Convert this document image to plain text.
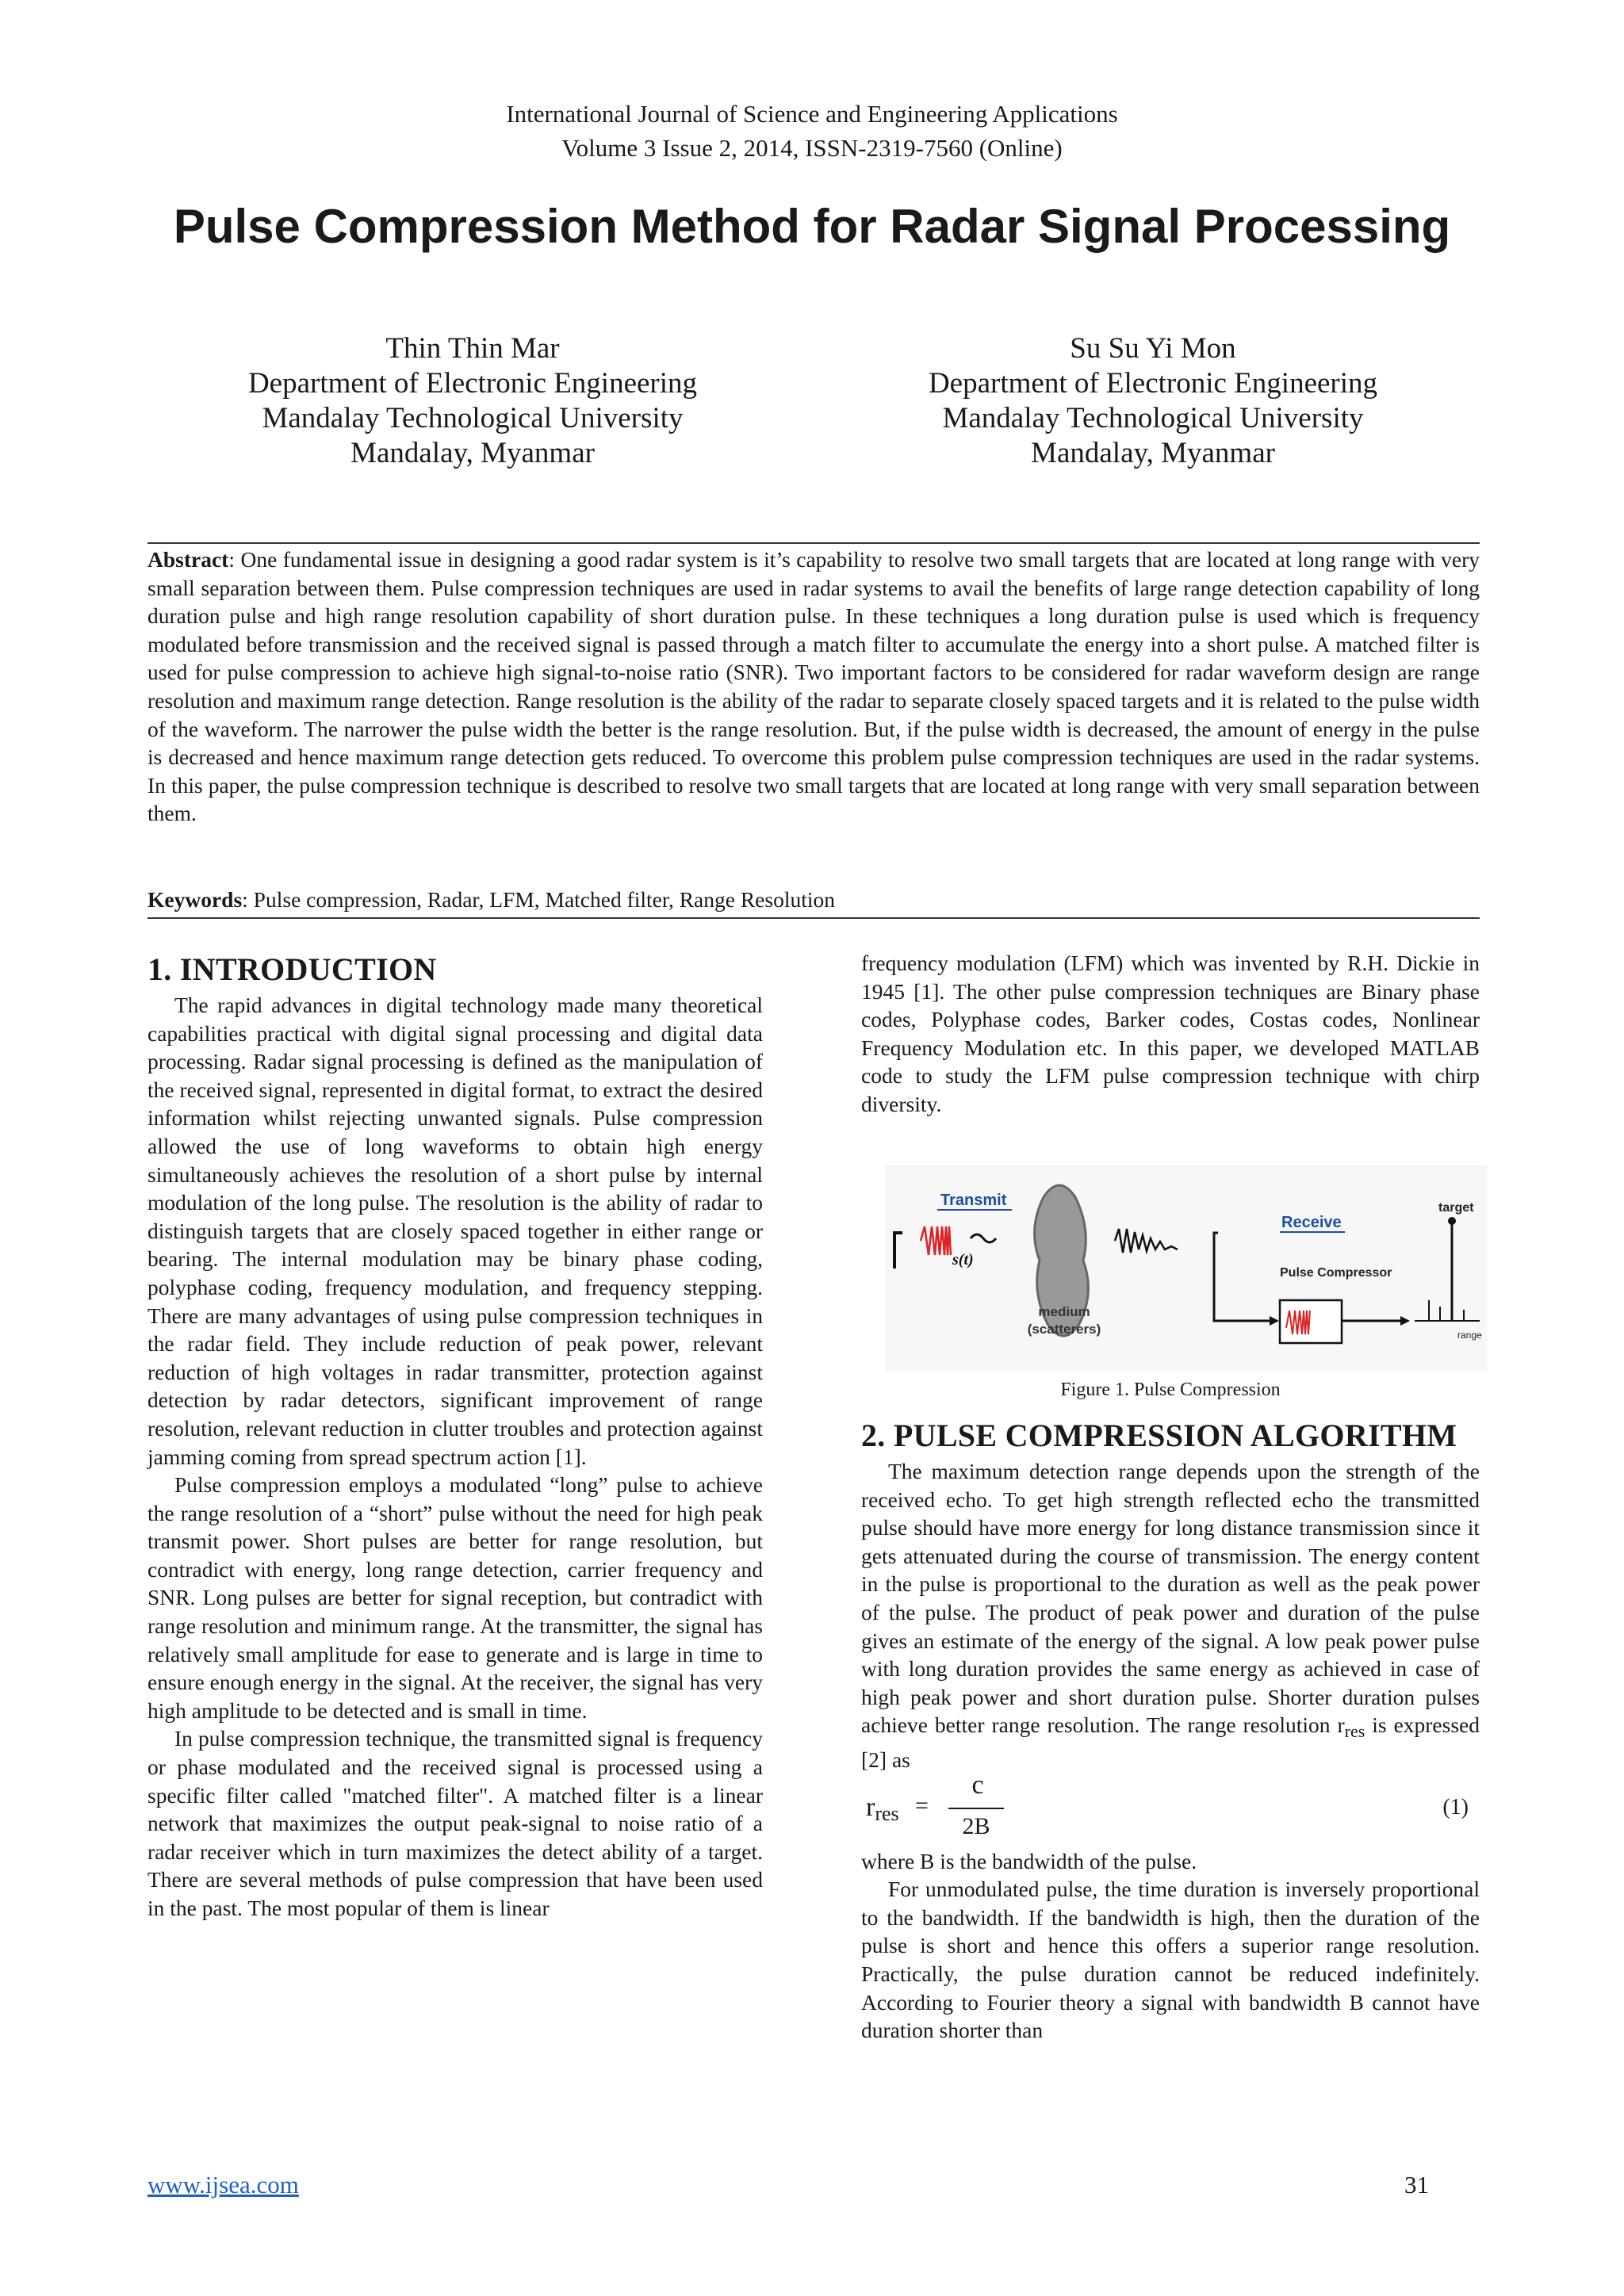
International Journal of Science and Engineering Applications
Volume 3 Issue 2, 2014, ISSN-2319-7560 (Online)
Pulse Compression Method for Radar Signal Processing
Thin Thin Mar
Department of Electronic Engineering
Mandalay Technological University
Mandalay, Myanmar
Su Su Yi Mon
Department of Electronic Engineering
Mandalay Technological University
Mandalay, Myanmar
Abstract: One fundamental issue in designing a good radar system is it’s capability to resolve two small targets that are located at long range with very small separation between them. Pulse compression techniques are used in radar systems to avail the benefits of large range detection capability of long duration pulse and high range resolution capability of short duration pulse. In these techniques a long duration pulse is used which is frequency modulated before transmission and the received signal is passed through a match filter to accumulate the energy into a short pulse. A matched filter is used for pulse compression to achieve high signal-to-noise ratio (SNR). Two important factors to be considered for radar waveform design are range resolution and maximum range detection. Range resolution is the ability of the radar to separate closely spaced targets and it is related to the pulse width of the waveform. The narrower the pulse width the better is the range resolution. But, if the pulse width is decreased, the amount of energy in the pulse is decreased and hence maximum range detection gets reduced. To overcome this problem pulse compression techniques are used in the radar systems. In this paper, the pulse compression technique is described to resolve two small targets that are located at long range with very small separation between them.
Keywords: Pulse compression, Radar, LFM, Matched filter, Range Resolution
1. INTRODUCTION

The rapid advances in digital technology made many theoretical capabilities practical with digital signal processing and digital data processing. Radar signal processing is defined as the manipulation of the received signal, represented in digital format, to extract the desired information whilst rejecting unwanted signals. Pulse compression allowed the use of long waveforms to obtain high energy simultaneously achieves the resolution of a short pulse by internal modulation of the long pulse. The resolution is the ability of radar to distinguish targets that are closely spaced together in either range or bearing. The internal modulation may be binary phase coding, polyphase coding, frequency modulation, and frequency stepping. There are many advantages of using pulse compression techniques in the radar field. They include reduction of peak power, relevant reduction of high voltages in radar transmitter, protection against detection by radar detectors, significant improvement of range resolution, relevant reduction in clutter troubles and protection against jamming coming from spread spectrum action [1].

Pulse compression employs a modulated “long” pulse to achieve the range resolution of a “short” pulse without the need for high peak transmit power. Short pulses are better for range resolution, but contradict with energy, long range detection, carrier frequency and SNR. Long pulses are better for signal reception, but contradict with range resolution and minimum range. At the transmitter, the signal has relatively small amplitude for ease to generate and is large in time to ensure enough energy in the signal. At the receiver, the signal has very high amplitude to be detected and is small in time.

In pulse compression technique, the transmitted signal is frequency or phase modulated and the received signal is processed using a specific filter called "matched filter". A matched filter is a linear network that maximizes the output peak-signal to noise ratio of a radar receiver which in turn maximizes the detect ability of a target. There are several methods of pulse compression that have been used in the past. The most popular of them is linear

frequency modulation (LFM) which was invented by R.H. Dickie in 1945 [1]. The other pulse compression techniques are Binary phase codes, Polyphase codes, Barker codes, Costas codes, Nonlinear Frequency Modulation etc. In this paper, we developed MATLAB code to study the LFM pulse compression technique with chirp diversity.

Transmit
s(t)
medium
(scatterers)
Receive
Pulse Compressor
target
range
Figure 1. Pulse Compression
2. PULSE COMPRESSION ALGORITHM

The maximum detection range depends upon the strength of the received echo. To get high strength reflected echo the transmitted pulse should have more energy for long distance transmission since it gets attenuated during the course of transmission. The energy content in the pulse is proportional to the duration as well as the peak power of the pulse. The product of peak power and duration of the pulse gives an estimate of the energy of the signal. A low peak power pulse with long duration provides the same energy as achieved in case of high peak power and short duration pulse. Shorter duration pulses achieve better range resolution. The range resolution $r_{res}$ is expressed [2] as

rres =
c
2B
(1)

where B is the bandwidth of the pulse.

For unmodulated pulse, the time duration is inversely proportional to the bandwidth. If the bandwidth is high, then the duration of the pulse is short and hence this offers a superior range resolution. Practically, the pulse duration cannot be reduced indefinitely. According to Fourier theory a signal with bandwidth B cannot have duration shorter than

www.ijsea.com	31
